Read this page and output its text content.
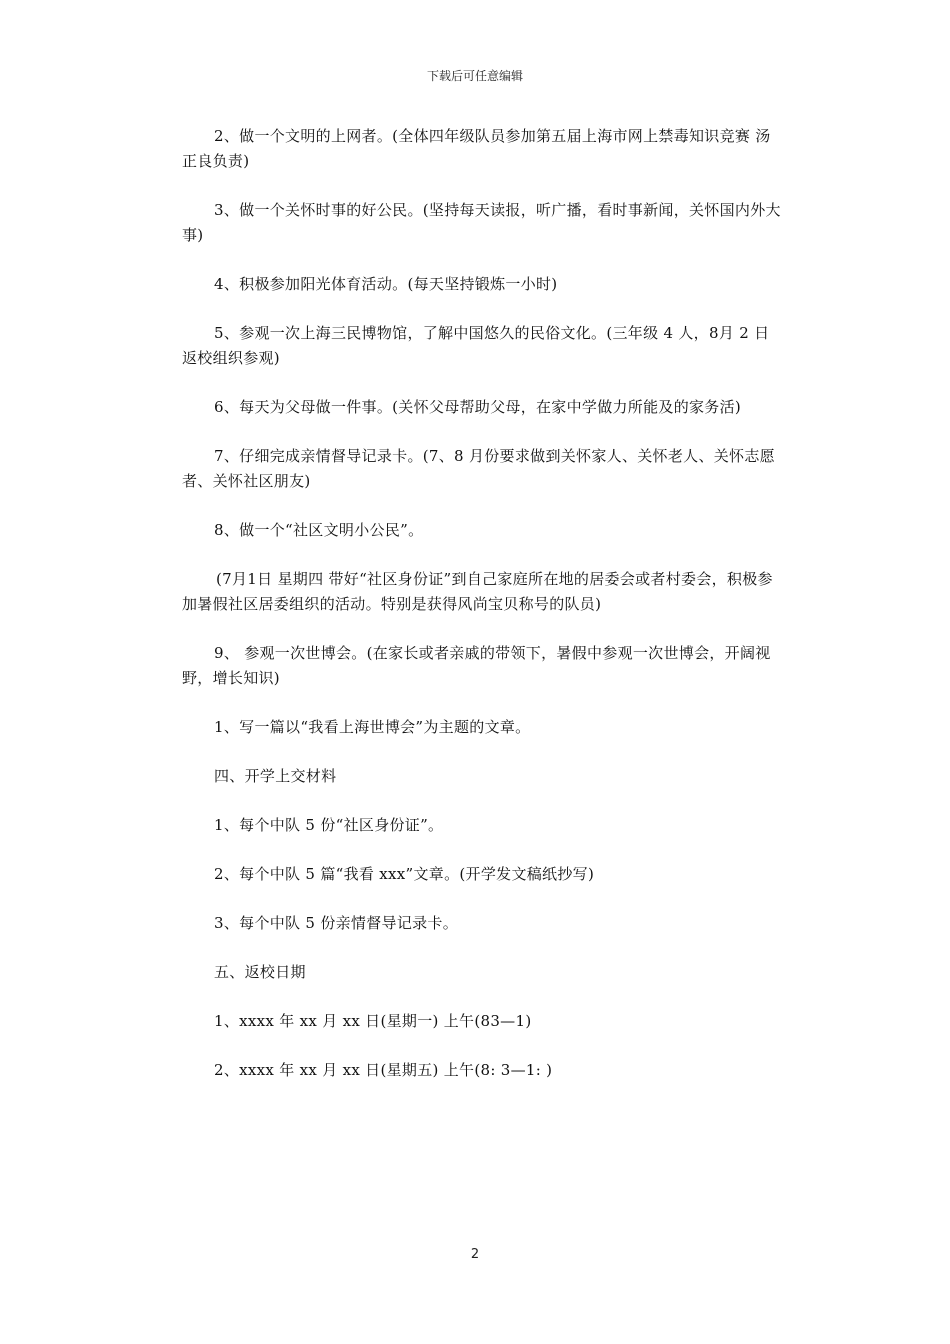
下载后可任意编辑

2、做一个文明的上网者。(全体四年级队员参加第五届上海市网上禁毒知识竞赛 汤正良负责)

3、做一个关怀时事的好公民。(坚持每天读报，听广播，看时事新闻，关怀国内外大事)

4、积极参加阳光体育活动。(每天坚持锻炼一小时)

5、参观一次上海三民博物馆，了解中国悠久的民俗文化。(三年级 4 人，8月 2 日返校组织参观)

6、每天为父母做一件事。(关怀父母帮助父母，在家中学做力所能及的家务活)

7、仔细完成亲情督导记录卡。(7、8 月份要求做到关怀家人、关怀老人、关怀志愿者、关怀社区朋友)

8、做一个“社区文明小公民”。

(7月1日 星期四 带好“社区身份证”到自己家庭所在地的居委会或者村委会，积极参加暑假社区居委组织的活动。特别是获得风尚宝贝称号的队员)

9、 参观一次世博会。(在家长或者亲戚的带领下，暑假中参观一次世博会，开阔视野，增长知识)

1、写一篇以“我看上海世博会”为主题的文章。

四、开学上交材料

1、每个中队 5 份“社区身份证”。

2、每个中队 5 篇“我看 xxx”文章。(开学发文稿纸抄写)

3、每个中队 5 份亲情督导记录卡。

五、返校日期

1、xxxx 年 xx 月 xx 日(星期一) 上午(83—1)

2、xxxx 年 xx 月 xx 日(星期五) 上午(8: 3—1: )

2
